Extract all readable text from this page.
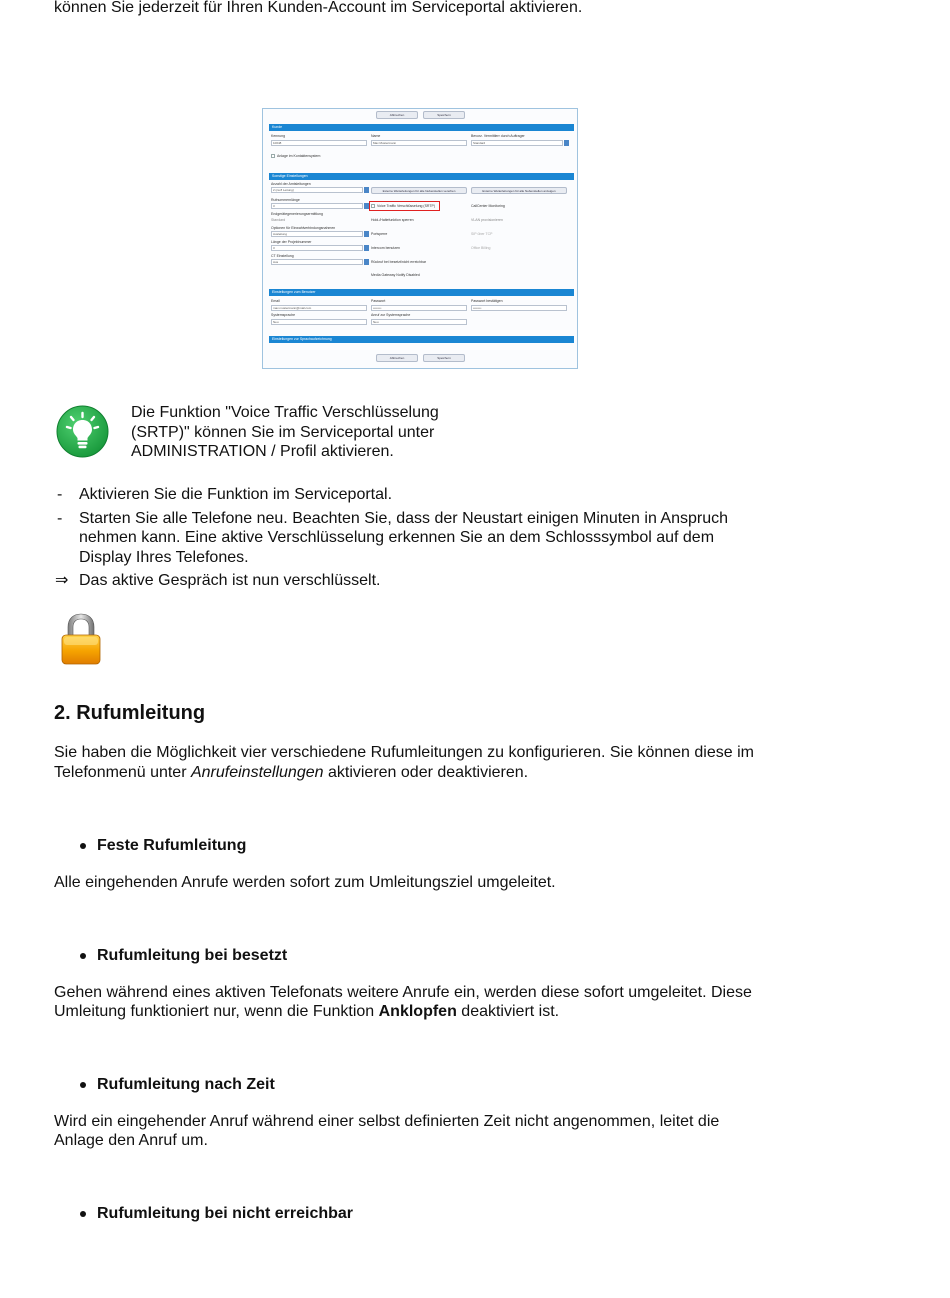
können Sie jederzeit für Ihren Kunden-Account im Serviceportal aktivieren.
Abbrechen	Speichern
Kunde
Kennung	Name	Bevorz. Vermittlerr durch Auftrager
10048	Max Mustermann	Standard
Anlage im Kontaktensystem
Sonstige Einstellungen
Anzahl der Amtsleitungen
2 (ca 8 Leitung)	Externe Weiterleitungen für alle Nebenstellen vererben	Externe Weiterleitungen für alle Nebenstellen anzeigen
Rufnummernlänge
3	Voice Traffic Verschlüsselung (SRTP)	CallCenter Monitoring
Endgerätegenerierungsermittlung
Standard	Hold-/Haltefunktion sperren	VLAN provisionieren
Optionen für Einwahlverbindungsnahmen
Ausleitung	Portsperre	SIP über TCP
Länge der Projektnummer
3	Intercom benutzen	Office Billing
CT Einstellung
Aus	Rückruf bei besetzt/nicht erreichbar
Media Gateway Notify Disabled
Einstellungen zum Benutzer
Email	Passwort	Passwort bestätigen
max.mustermann@mail.com	••••••••	••••••••
Systemsprache	Anruf zur Systemsprache
Neu	Neu
Einstellungen zur Sprachaufzeichnung
Abbrechen	Speichern
Die Funktion "Voice Traffic Verschlüsselung
(SRTP)" können Sie im Serviceportal unter
ADMINISTRATION / Profil aktivieren.
- Aktivieren Sie die Funktion im Serviceportal.
- Starten Sie alle Telefone neu. Beachten Sie, dass der Neustart einigen Minuten in Anspruch
nehmen kann. Eine aktive Verschlüsselung erkennen Sie an dem Schlosssymbol auf dem
Display Ihres Telefones.
⇒ Das aktive Gespräch ist nun verschlüsselt.
2. Rufumleitung
Sie haben die Möglichkeit vier verschiedene Rufumleitungen zu konfigurieren. Sie können diese im
Telefonmenü unter Anrufeinstellungen aktivieren oder deaktivieren.
Feste Rufumleitung
Alle eingehenden Anrufe werden sofort zum Umleitungsziel umgeleitet.
Rufumleitung bei besetzt
Gehen während eines aktiven Telefonats weitere Anrufe ein, werden diese sofort umgeleitet. Diese
Umleitung funktioniert nur, wenn die Funktion Anklopfen deaktiviert ist.
Rufumleitung nach Zeit
Wird ein eingehender Anruf während einer selbst definierten Zeit nicht angenommen, leitet die
Anlage den Anruf um.
Rufumleitung bei nicht erreichbar
